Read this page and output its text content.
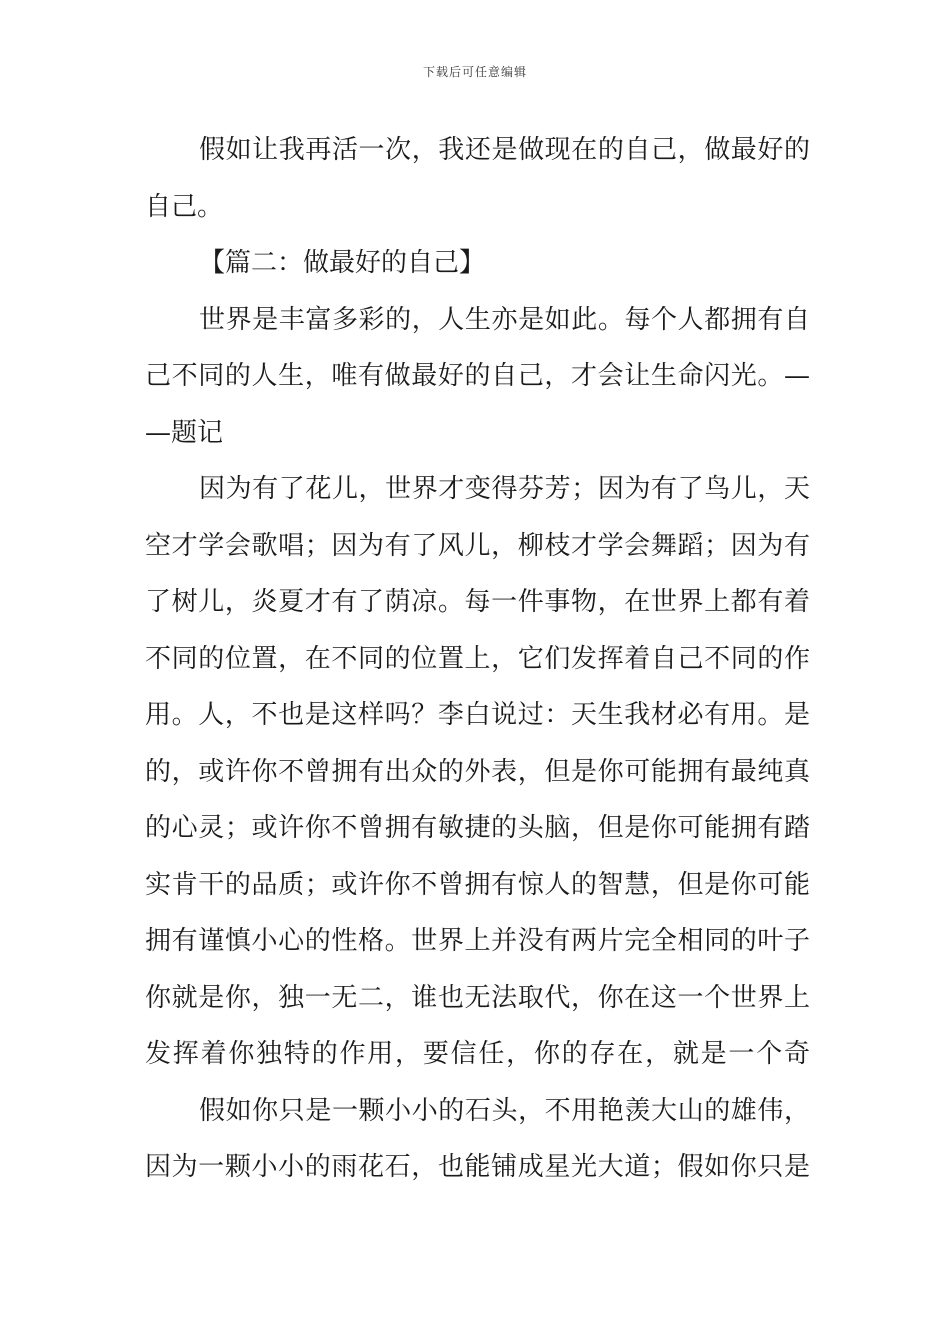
下载后可任意编辑
假如让我再活一次，我还是做现在的自己，做最好的
自己。
【篇二：做最好的自己】
世界是丰富多彩的，人生亦是如此。每个人都拥有自
己不同的人生，唯有做最好的自己，才会让生命闪光。—
—题记
因为有了花儿，世界才变得芬芳；因为有了鸟儿，天
空才学会歌唱；因为有了风儿，柳枝才学会舞蹈；因为有
了树儿，炎夏才有了荫凉。每一件事物，在世界上都有着
不同的位置，在不同的位置上，它们发挥着自己不同的作
用。人，不也是这样吗？李白说过：天生我材必有用。是
的，或许你不曾拥有出众的外表，但是你可能拥有最纯真
的心灵；或许你不曾拥有敏捷的头脑，但是你可能拥有踏
实肯干的品质；或许你不曾拥有惊人的智慧，但是你可能
拥有谨慎小心的性格。世界上并没有两片完全相同的叶子
你就是你，独一无二，谁也无法取代，你在这一个世界上
发挥着你独特的作用，要信任，你的存在，就是一个奇
假如你只是一颗小小的石头，不用艳羡大山的雄伟，
因为一颗小小的雨花石，也能铺成星光大道；假如你只是
